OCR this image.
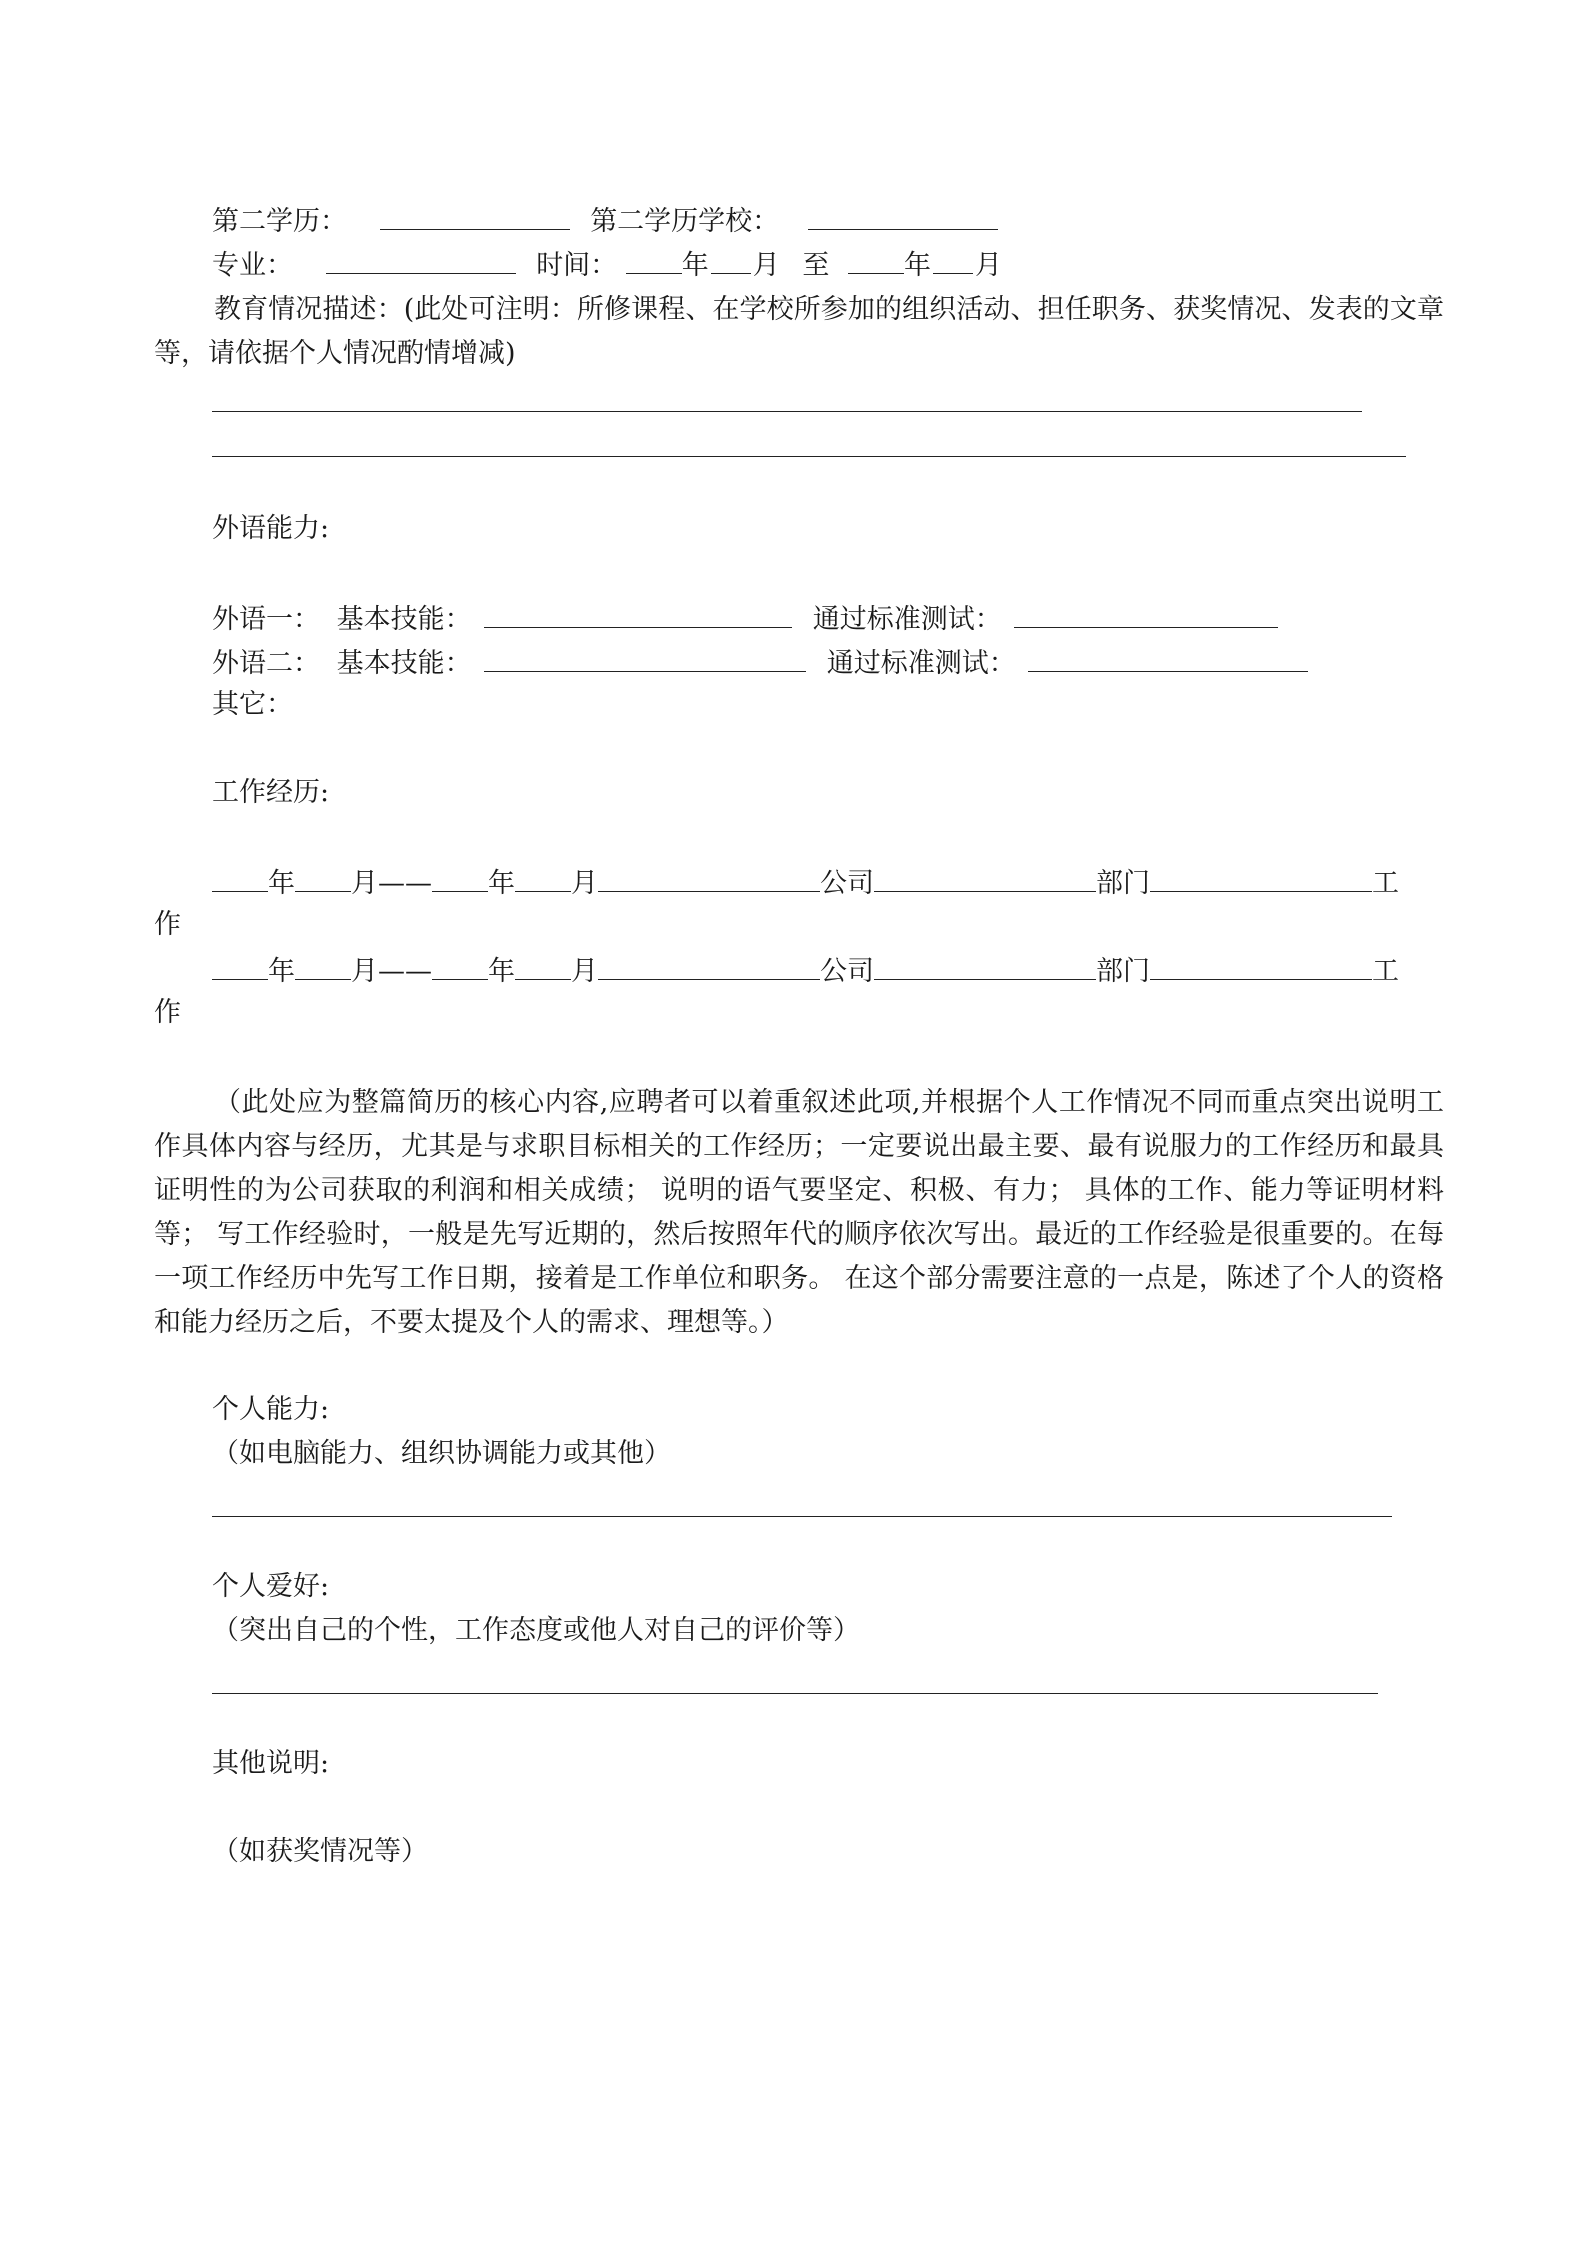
第二学历：	第二学历学校：
专业：	时间： 年 月 至	年 月
教育情况描述：(此处可注明：所修课程、在学校所参加的组织活动、担任职务、获奖情况、发表的文章等，请依据个人情况酌情增减)
外语能力:
外语一： 基本技能：	通过标准测试：
外语二： 基本技能：	通过标准测试：
其它：
工作经历:
年 月—— 年 月	公司	部门	工
作
年 月—— 年 月	公司	部门	工
作
（此处应为整篇简历的核心内容,应聘者可以着重叙述此项,并根据个人工作情况不同而重点突出说明工作具体内容与经历，尤其是与求职目标相关的工作经历；一定要说出最主要、最有说服力的工作经历和最具证明性的为公司获取的利润和相关成绩； 说明的语气要坚定、积极、有力； 具体的工作、能力等证明材料等； 写工作经验时，一般是先写近期的，然后按照年代的顺序依次写出。最近的工作经验是很重要的。在每一项工作经历中先写工作日期，接着是工作单位和职务。 在这个部分需要注意的一点是，陈述了个人的资格和能力经历之后，不要太提及个人的需求、理想等。）
个人能力:
（如电脑能力、组织协调能力或其他）
个人爱好:
（突出自己的个性，工作态度或他人对自己的评价等）
其他说明:
（如获奖情况等）
